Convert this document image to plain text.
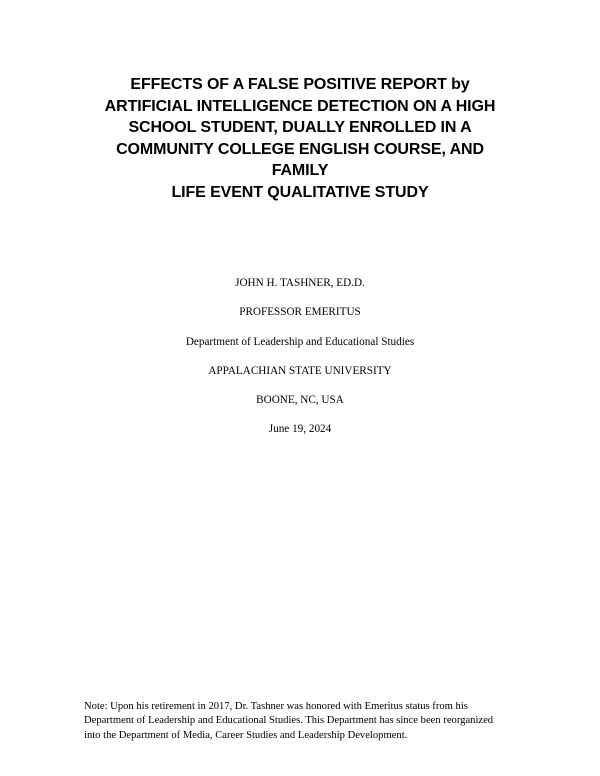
EFFECTS OF A FALSE POSITIVE REPORT by
ARTIFICIAL INTELLIGENCE DETECTION ON A HIGH
SCHOOL STUDENT, DUALLY ENROLLED IN A
COMMUNITY COLLEGE ENGLISH COURSE, AND
FAMILY
LIFE EVENT QUALITATIVE STUDY
JOHN H. TASHNER, ED.D.
PROFESSOR EMERITUS
Department of Leadership and Educational Studies
APPALACHIAN STATE UNIVERSITY
BOONE, NC, USA
June 19, 2024
Note: Upon his retirement in 2017, Dr. Tashner was honored with Emeritus status from his
Department of Leadership and Educational Studies. This Department has since been reorganized
into the Department of Media, Career Studies and Leadership Development.
